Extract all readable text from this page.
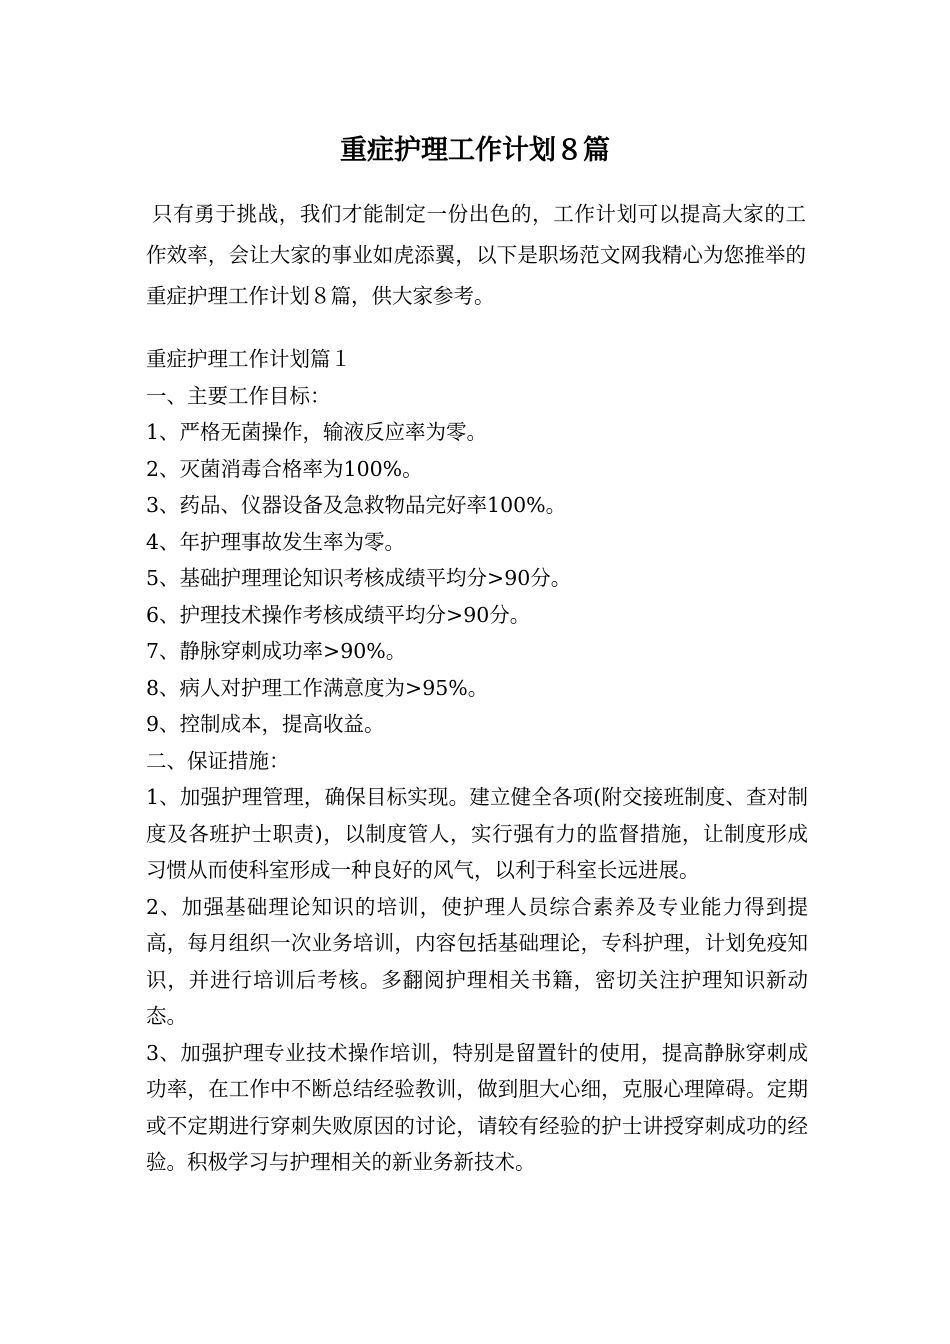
重症护理工作计划８篇

只有勇于挑战，我们才能制定一份出色的，工作计划可以提高大家的工作效率，会让大家的事业如虎添翼，以下是职场范文网我精心为您推举的重症护理工作计划８篇，供大家参考。

重症护理工作计划篇１
一、主要工作目标：
1、严格无菌操作，输液反应率为零。
2、灭菌消毒合格率为100%。
3、药品、仪器设备及急救物品完好率100%。
4、年护理事故发生率为零。
5、基础护理理论知识考核成绩平均分>90分。
6、护理技术操作考核成绩平均分>90分。
7、静脉穿刺成功率>90%。
8、病人对护理工作满意度为>95%。
9、控制成本，提高收益。
二、保证措施：
1、加强护理管理，确保目标实现。建立健全各项(附交接班制度、查对制度及各班护士职责)，以制度管人，实行强有力的监督措施，让制度形成习惯从而使科室形成一种良好的风气，以利于科室长远进展。
2、加强基础理论知识的培训，使护理人员综合素养及专业能力得到提高，每月组织一次业务培训，内容包括基础理论，专科护理，计划免疫知识，并进行培训后考核。多翻阅护理相关书籍，密切关注护理知识新动态。
3、加强护理专业技术操作培训，特别是留置针的使用，提高静脉穿刺成功率，在工作中不断总结经验教训，做到胆大心细，克服心理障碍。定期或不定期进行穿刺失败原因的讨论，请较有经验的护士讲授穿刺成功的经验。积极学习与护理相关的新业务新技术。
